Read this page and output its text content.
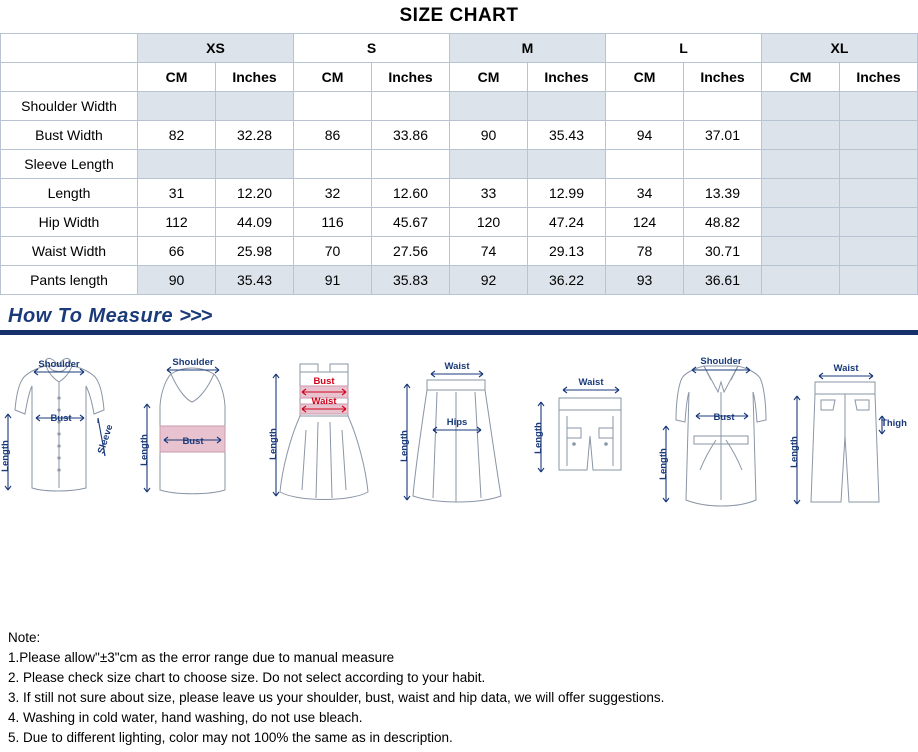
SIZE CHART
	XS		S		M		L		XL	
	CM	Inches	CM	Inches	CM	Inches	CM	Inches	CM	Inches
Shoulder Width										
Bust Width	82	32.28	86	33.86	90	35.43	94	37.01		
Sleeve Length										
Length	31	12.20	32	12.60	33	12.99	34	13.39		
Hip Width	112	44.09	116	45.67	120	47.24	124	48.82		
Waist Width	66	25.98	70	27.56	74	29.13	78	30.71		
Pants length	90	35.43	91	35.83	92	36.22	93	36.61		
How To Measure >>>
Shoulder
Bust
Length
Sleeve
Shoulder
Bust
Length
Bust
Waist
Length
Waist
Hips
Length
Waist
Length
Shoulder
Bust
Length
Waist
Thigh
Length
Note:
1.Please allow"±3"cm as the error range due to manual measure
2. Please check size chart to choose size. Do not select according to your habit.
3. If still not sure about size, please leave us your shoulder, bust, waist and hip data, we will offer suggestions.
4. Washing in cold water, hand washing, do not use bleach.
5. Due to different lighting, color may not 100% the same as in description.
